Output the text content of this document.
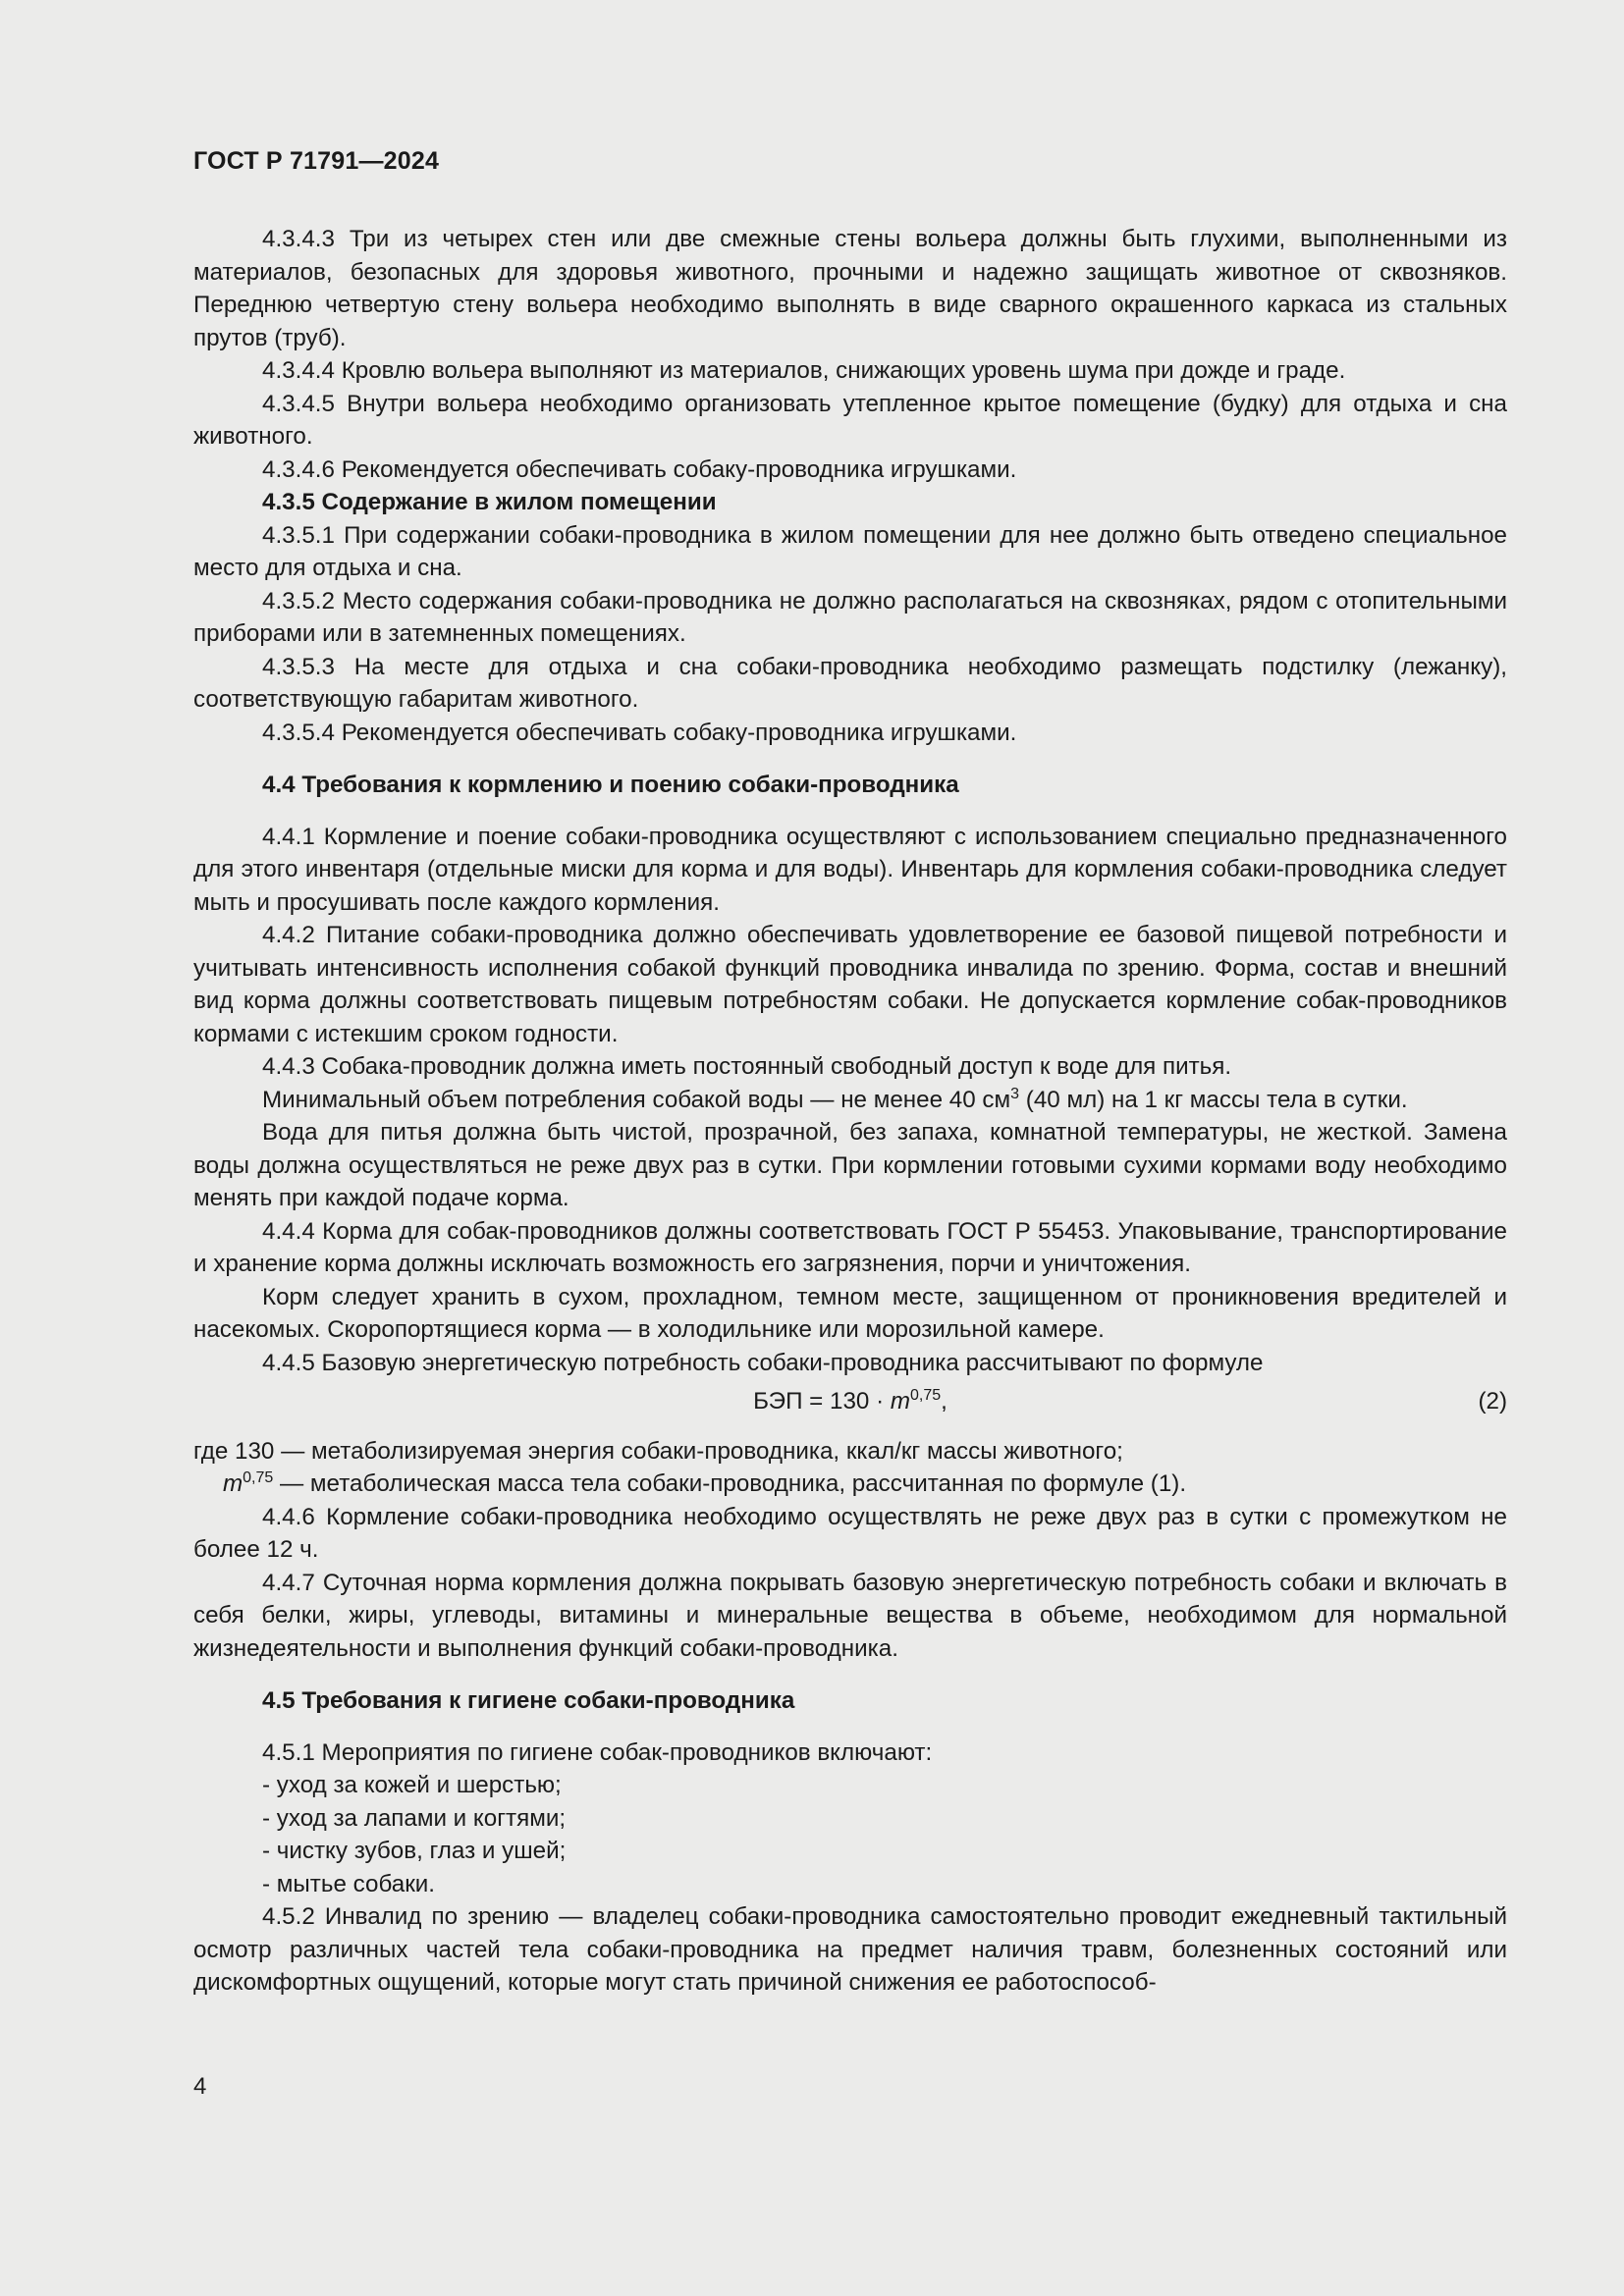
ГОСТ Р 71791—2024

4.3.4.3 Три из четырех стен или две смежные стены вольера должны быть глухими, выполненными из материалов, безопасных для здоровья животного, прочными и надежно защищать животное от сквозняков. Переднюю четвертую стену вольера необходимо выполнять в виде сварного окрашенного каркаса из стальных прутов (труб).

4.3.4.4 Кровлю вольера выполняют из материалов, снижающих уровень шума при дожде и граде.

4.3.4.5 Внутри вольера необходимо организовать утепленное крытое помещение (будку) для отдыха и сна животного.

4.3.4.6 Рекомендуется обеспечивать собаку-проводника игрушками.

4.3.5 Содержание в жилом помещении

4.3.5.1 При содержании собаки-проводника в жилом помещении для нее должно быть отведено специальное место для отдыха и сна.

4.3.5.2 Место содержания собаки-проводника не должно располагаться на сквозняках, рядом с отопительными приборами или в затемненных помещениях.

4.3.5.3 На месте для отдыха и сна собаки-проводника необходимо размещать подстилку (лежанку), соответствующую габаритам животного.

4.3.5.4 Рекомендуется обеспечивать собаку-проводника игрушками.

4.4 Требования к кормлению и поению собаки-проводника

4.4.1 Кормление и поение собаки-проводника осуществляют с использованием специально предназначенного для этого инвентаря (отдельные миски для корма и для воды). Инвентарь для кормления собаки-проводника следует мыть и просушивать после каждого кормления.

4.4.2 Питание собаки-проводника должно обеспечивать удовлетворение ее базовой пищевой потребности и учитывать интенсивность исполнения собакой функций проводника инвалида по зрению. Форма, состав и внешний вид корма должны соответствовать пищевым потребностям собаки. Не допускается кормление собак-проводников кормами с истекшим сроком годности.

4.4.3 Собака-проводник должна иметь постоянный свободный доступ к воде для питья.

Минимальный объем потребления собакой воды — не менее 40 $см^3$ (40 мл) на 1 кг массы тела в сутки.

Вода для питья должна быть чистой, прозрачной, без запаха, комнатной температуры, не жесткой. Замена воды должна осуществляться не реже двух раз в сутки. При кормлении готовыми сухими кормами воду необходимо менять при каждой подаче корма.

4.4.4 Корма для собак-проводников должны соответствовать ГОСТ Р 55453. Упаковывание, транспортирование и хранение корма должны исключать возможность его загрязнения, порчи и уничтожения.

Корм следует хранить в сухом, прохладном, темном месте, защищенном от проникновения вредителей и насекомых. Скоропортящиеся корма — в холодильнике или морозильной камере.

4.4.5 Базовую энергетическую потребность собаки-проводника рассчитывают по формуле

БЭП = $130 \cdot m^{0,75}$,	(2)

где 130 — метаболизируемая энергия собаки-проводника, ккал/кг массы животного;

$m^{0,75}$ — метаболическая масса тела собаки-проводника, рассчитанная по формуле (1).

4.4.6 Кормление собаки-проводника необходимо осуществлять не реже двух раз в сутки с промежутком не более 12 ч.

4.4.7 Суточная норма кормления должна покрывать базовую энергетическую потребность собаки и включать в себя белки, жиры, углеводы, витамины и минеральные вещества в объеме, необходимом для нормальной жизнедеятельности и выполнения функций собаки-проводника.

4.5 Требования к гигиене собаки-проводника

4.5.1 Мероприятия по гигиене собак-проводников включают:

- уход за кожей и шерстью;

- уход за лапами и когтями;

- чистку зубов, глаз и ушей;

- мытье собаки.

4.5.2 Инвалид по зрению — владелец собаки-проводника самостоятельно проводит ежедневный тактильный осмотр различных частей тела собаки-проводника на предмет наличия травм, болезненных состояний или дискомфортных ощущений, которые могут стать причиной снижения ее работоспособ-

4
